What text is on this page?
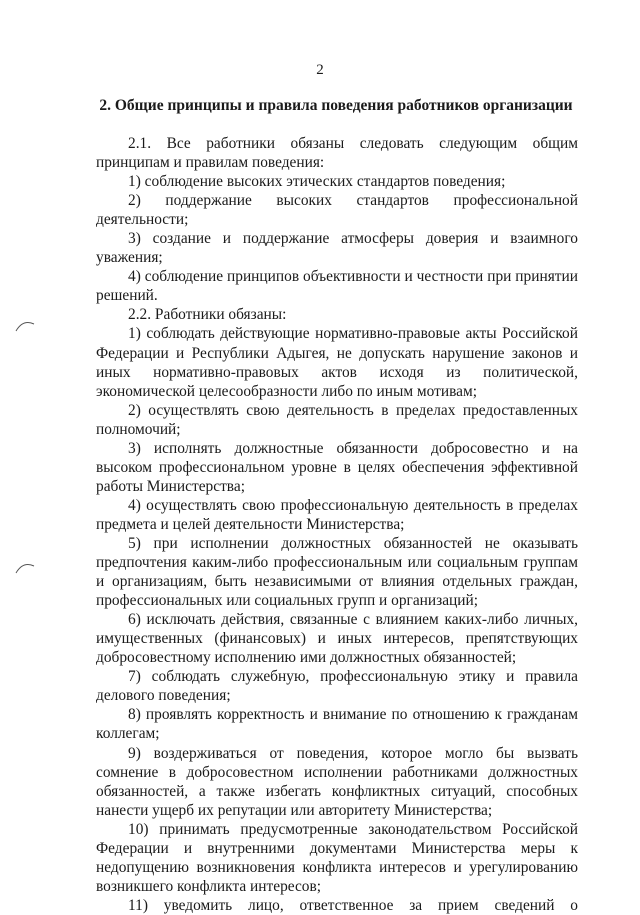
2
2. Общие принципы и правила поведения работников организации

2.1. Все работники обязаны следовать следующим общим принципам и правилам поведения:

1) соблюдение высоких этических стандартов поведения;

2) поддержание высоких стандартов профессиональной деятельности;

3) создание и поддержание атмосферы доверия и взаимного уважения;

4) соблюдение принципов объективности и честности при принятии решений.

2.2. Работники обязаны:

1) соблюдать действующие нормативно-правовые акты Российской Федерации и Республики Адыгея, не допускать нарушение законов и иных нормативно-правовых актов исходя из политической, экономической целесообразности либо по иным мотивам;

2) осуществлять свою деятельность в пределах предоставленных полномочий;

3) исполнять должностные обязанности добросовестно и на высоком профессиональном уровне в целях обеспечения эффективной работы Министерства;

4) осуществлять свою профессиональную деятельность в пределах предмета и целей деятельности Министерства;

5) при исполнении должностных обязанностей не оказывать предпочтения каким-либо профессиональным или социальным группам и организациям, быть независимыми от влияния отдельных граждан, профессиональных или социальных групп и организаций;

6) исключать действия, связанные с влиянием каких-либо личных, имущественных (финансовых) и иных интересов, препятствующих добросовестному исполнению ими должностных обязанностей;

7) соблюдать служебную, профессиональную этику и правила делового поведения;

8) проявлять корректность и внимание по отношению к гражданам коллегам;

9) воздерживаться от поведения, которое могло бы вызвать сомнение в добросовестном исполнении работниками должностных обязанностей, а также избегать конфликтных ситуаций, способных нанести ущерб их репутации или авторитету Министерства;

10) принимать предусмотренные законодательством Российской Федерации и внутренними документами Министерства меры к недопущению возникновения конфликта интересов и урегулированию возникшего конфликта интересов;

11) уведомить лицо, ответственное за прием сведений о
